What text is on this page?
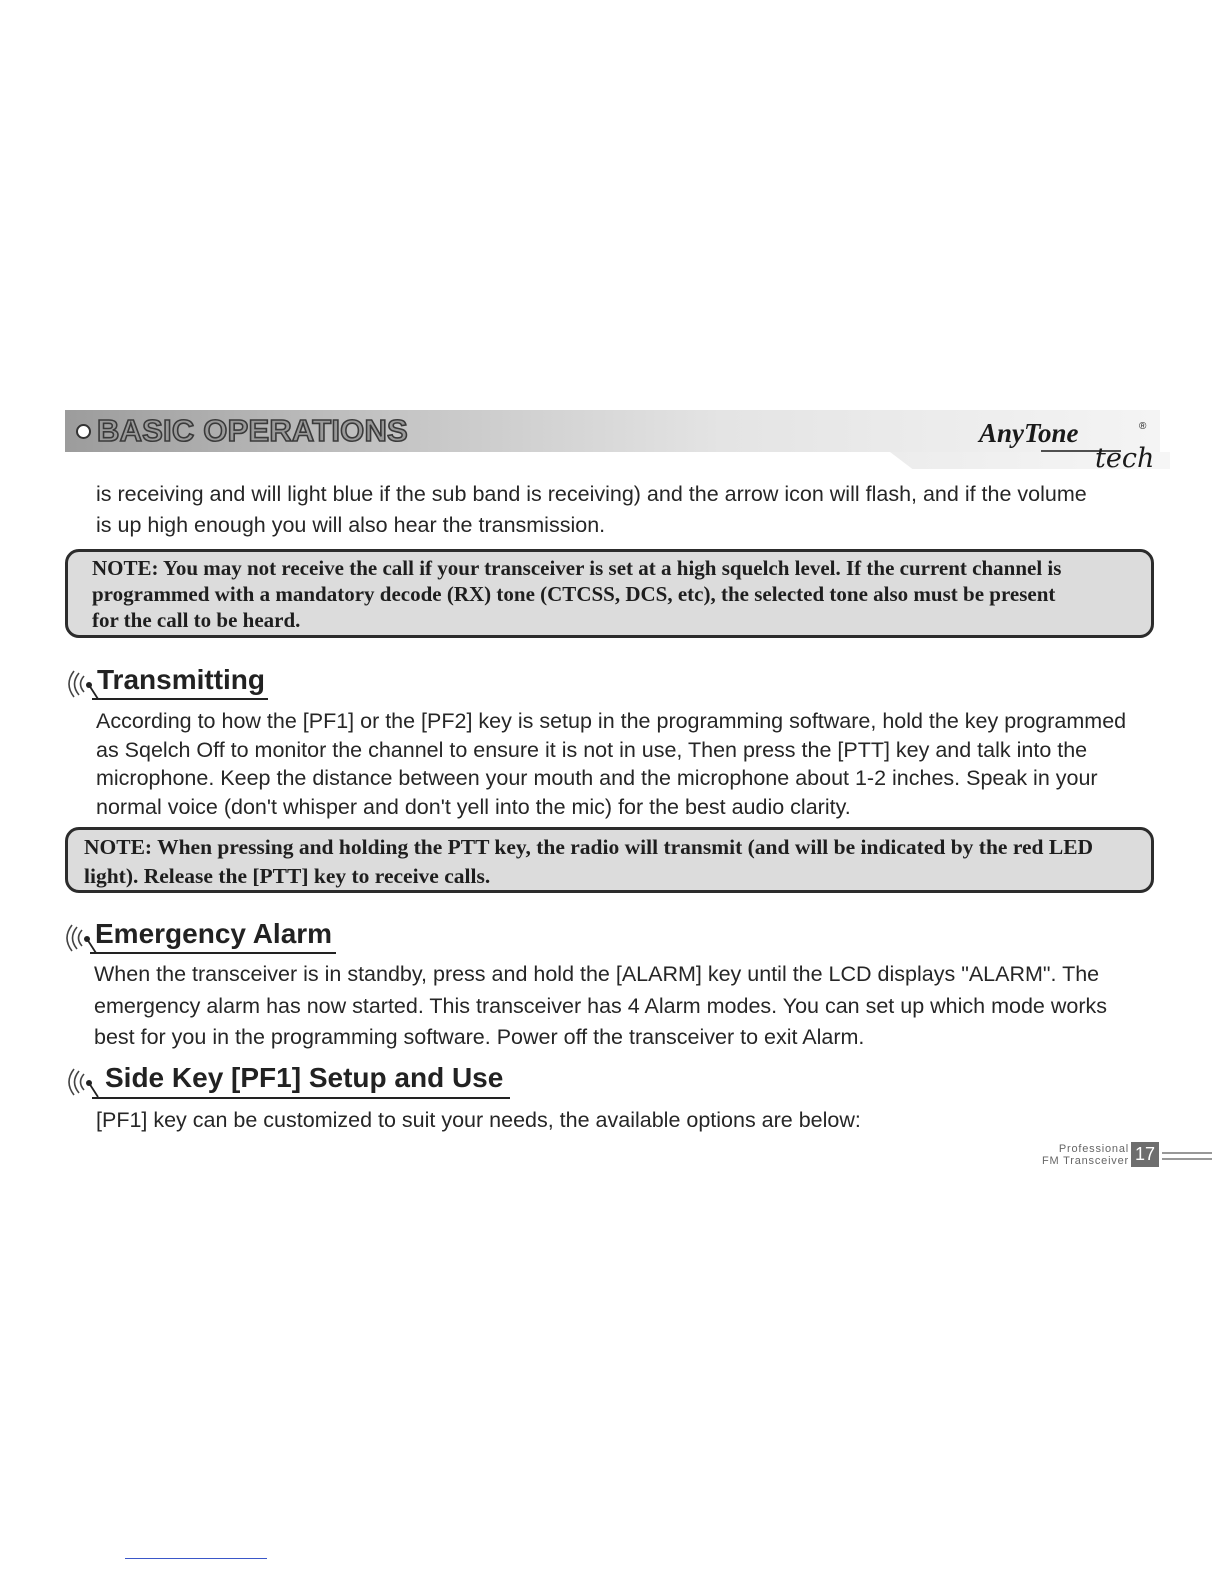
BASIC OPERATIONS	AnyTone	®
tech
is receiving and will light blue if the sub band is receiving) and the arrow icon will flash, and if the volume
is up high enough you will also hear the transmission.
NOTE: You may not receive the call if your transceiver is set at a high squelch level. If the current channel is
programmed with a mandatory decode (RX) tone (CTCSS, DCS, etc), the selected tone also must be present
for the call to be heard.
Transmitting
According to how the [PF1] or the [PF2] key is setup in the programming software, hold the key programmed
as Sqelch Off to monitor the channel to ensure it is not in use, Then press the [PTT] key and talk into the
microphone. Keep the distance between your mouth and the microphone about 1-2 inches. Speak in your
normal voice (don't whisper and don't yell into the mic) for the best audio clarity.
NOTE: When pressing and holding the PTT key, the radio will transmit (and will be indicated by the red LED
light). Release the [PTT] key to receive calls.
Emergency Alarm
When the transceiver is in standby, press and hold the [ALARM] key until the LCD displays "ALARM". The
emergency alarm has now started. This transceiver has 4 Alarm modes. You can set up which mode works
best for you in the programming software. Power off the transceiver to exit Alarm.
Side Key [PF1] Setup and Use
[PF1] key can be customized to suit your needs, the available options are below:
Professional
FM Transceiver 17
